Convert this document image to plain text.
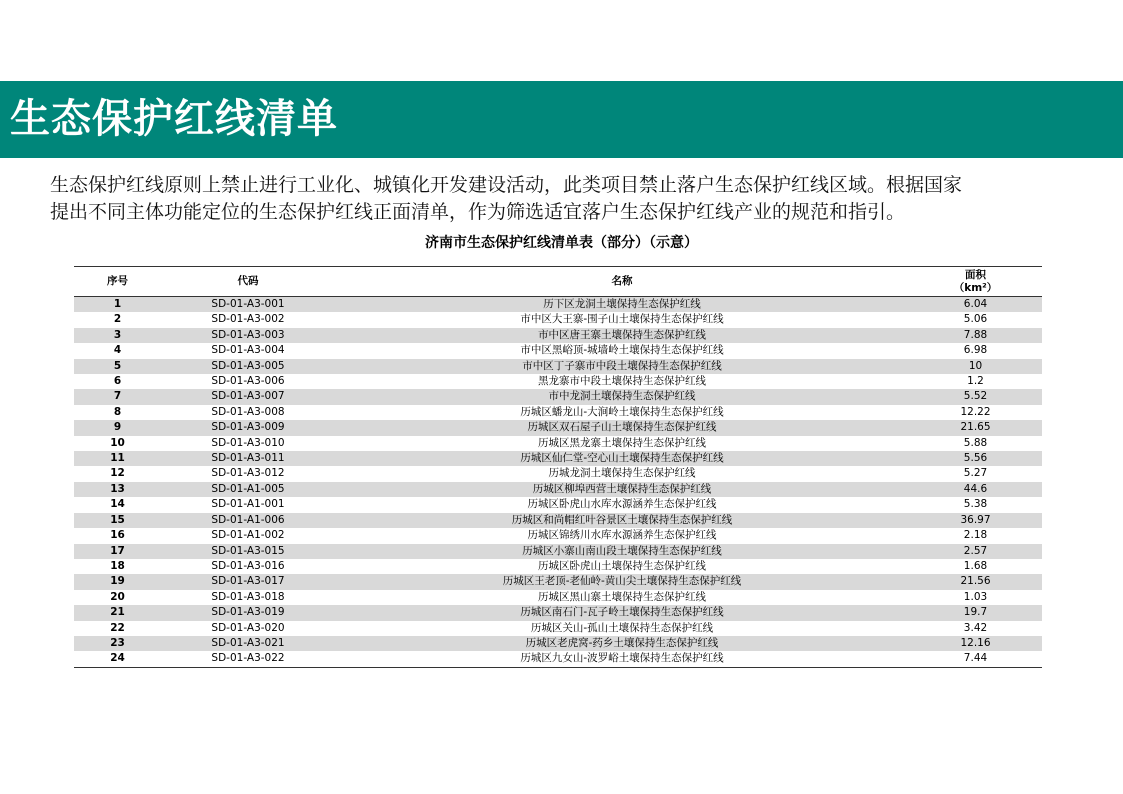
生态保护红线清单

生态保护红线原则上禁止进行工业化、城镇化开发建设活动，此类项目禁止落户生态保护红线区域。根据国家

提出不同主体功能定位的生态保护红线正面清单，作为筛选适宜落户生态保护红线产业的规范和指引。

济南市生态保护红线清单表（部分）（示意）
序号	代码	名称	面积
（km²）

1	SD-01-A3-001	历下区龙洞土壤保持生态保护红线	6.04
2	SD-01-A3-002	市中区大王寨-围子山土壤保持生态保护红线	5.06
3	SD-01-A3-003	市中区唐王寨土壤保持生态保护红线	7.88
4	SD-01-A3-004	市中区黑峪顶-城墙岭土壤保持生态保护红线	6.98
5	SD-01-A3-005	市中区丁子寨市中段土壤保持生态保护红线	10
6	SD-01-A3-006	黑龙寨市中段土壤保持生态保护红线	1.2
7	SD-01-A3-007	市中龙洞土壤保持生态保护红线	5.52
8	SD-01-A3-008	历城区蟠龙山-大涧岭土壤保持生态保护红线	12.22
9	SD-01-A3-009	历城区双石屋子山土壤保持生态保护红线	21.65
10	SD-01-A3-010	历城区黑龙寨土壤保持生态保护红线	5.88
11	SD-01-A3-011	历城区仙仁堂-空心山土壤保持生态保护红线	5.56
12	SD-01-A3-012	历城龙洞土壤保持生态保护红线	5.27
13	SD-01-A1-005	历城区柳埠西营土壤保持生态保护红线	44.6
14	SD-01-A1-001	历城区卧虎山水库水源涵养生态保护红线	5.38
15	SD-01-A1-006	历城区和尚帽红叶谷景区土壤保持生态保护红线	36.97
16	SD-01-A1-002	历城区锦绣川水库水源涵养生态保护红线	2.18
17	SD-01-A3-015	历城区小寨山南山段土壤保持生态保护红线	2.57
18	SD-01-A3-016	历城区卧虎山土壤保持生态保护红线	1.68
19	SD-01-A3-017	历城区王老顶-老仙岭-黄山尖土壤保持生态保护红线	21.56
20	SD-01-A3-018	历城区黑山寨土壤保持生态保护红线	1.03
21	SD-01-A3-019	历城区南石门-瓦子岭土壤保持生态保护红线	19.7
22	SD-01-A3-020	历城区关山-孤山土壤保持生态保护红线	3.42
23	SD-01-A3-021	历城区老虎窝-药乡土壤保持生态保护红线	12.16
24	SD-01-A3-022	历城区九女山-波罗峪土壤保持生态保护红线	7.44
